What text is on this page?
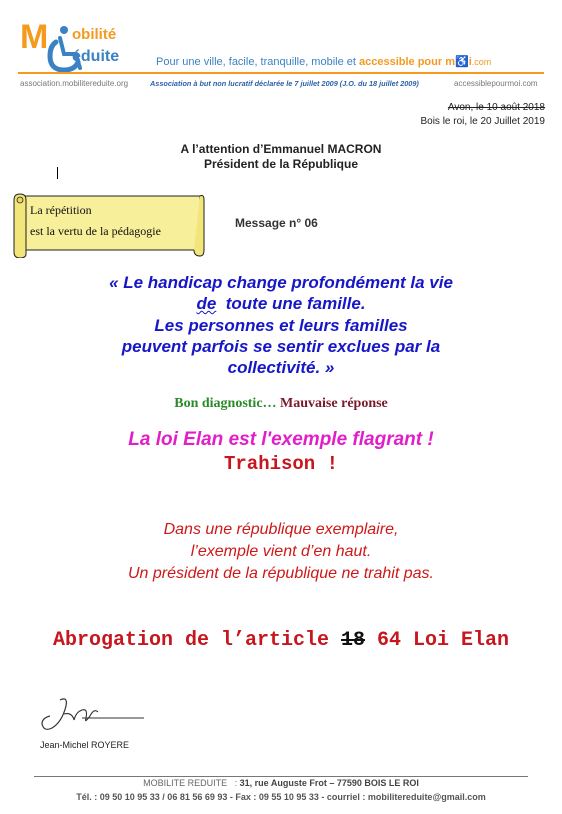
M obilité
éduite	Pour une ville, facile, tranquille, mobile et accessible pour m♿i.com
association.mobilitereduite.org	Association à but non lucratif déclarée le 7 juillet 2009 (J.O. du 18 juillet 2009)	accessiblepourmoi.com
Avon, le 10 août 2018
Bois le roi, le 20 Juillet 2019
A l’attention d’Emmanuel MACRON
Président de la République
La répétition
est la vertu de la pédagogie
Message n° 06
« Le handicap change profondément la vie
de  toute une famille.
Les personnes et leurs familles
peuvent parfois se sentir exclues par la
collectivité. »
Bon diagnostic… Mauvaise réponse
La loi Elan est l'exemple flagrant !
Trahison !
Dans une république exemplaire,
l’exemple vient d’en haut.
Un président de la république ne trahit pas.
Abrogation de l’article 18 64 Loi Elan
Jean-Michel ROYERE
MOBILITE REDUITE   : 31, rue Auguste Frot – 77590 BOIS LE ROI
Tél. : 09 50 10 95 33 / 06 81 56 69 93 - Fax : 09 55 10 95 33 - courriel : mobilitereduite@gmail.com
